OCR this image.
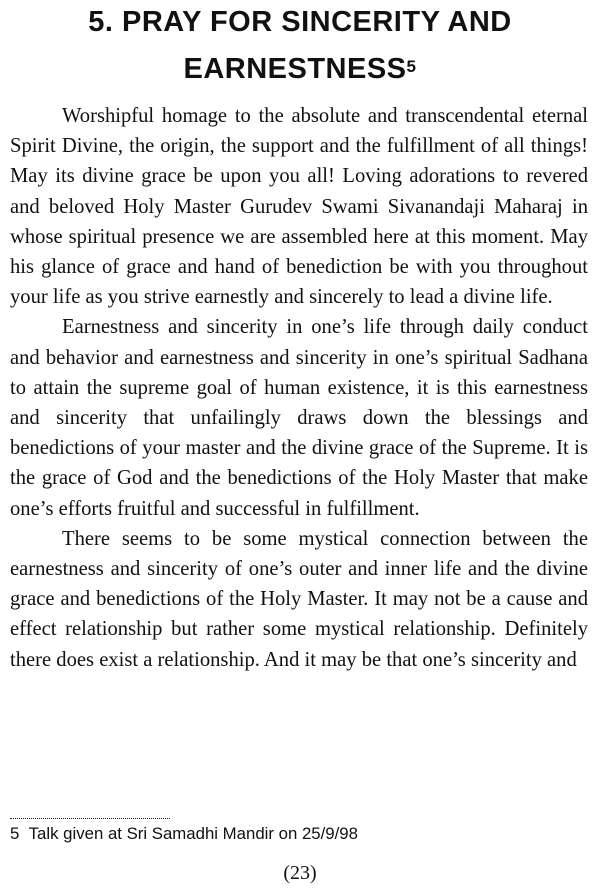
5. PRAY FOR SINCERITY AND
EARNESTNESS$^5$

Worshipful homage to the absolute and transcendental eternal Spirit Divine, the origin, the support and the fulfillment of all things! May its divine grace be upon you all! Loving adorations to revered and beloved Holy Master Gurudev Swami Sivanandaji Maharaj in whose spiritual presence we are assembled here at this moment. May his glance of grace and hand of benediction be with you throughout your life as you strive earnestly and sincerely to lead a divine life.

Earnestness and sincerity in one’s life through daily conduct and behavior and earnestness and sincerity in one’s spiritual Sadhana to attain the supreme goal of human existence, it is this earnestness and sincerity that unfailingly draws down the blessings and benedictions of your master and the divine grace of the Supreme. It is the grace of God and the benedictions of the Holy Master that make one’s efforts fruitful and successful in fulfillment.

There seems to be some mystical connection between the earnestness and sincerity of one’s outer and inner life and the divine grace and benedictions of the Holy Master. It may not be a cause and effect relationship but rather some mystical relationship. Definitely there does exist a relationship. And it may be that one’s sincerity and

5 Talk given at Sri Samadhi Mandir on 25/9/98
(23)
